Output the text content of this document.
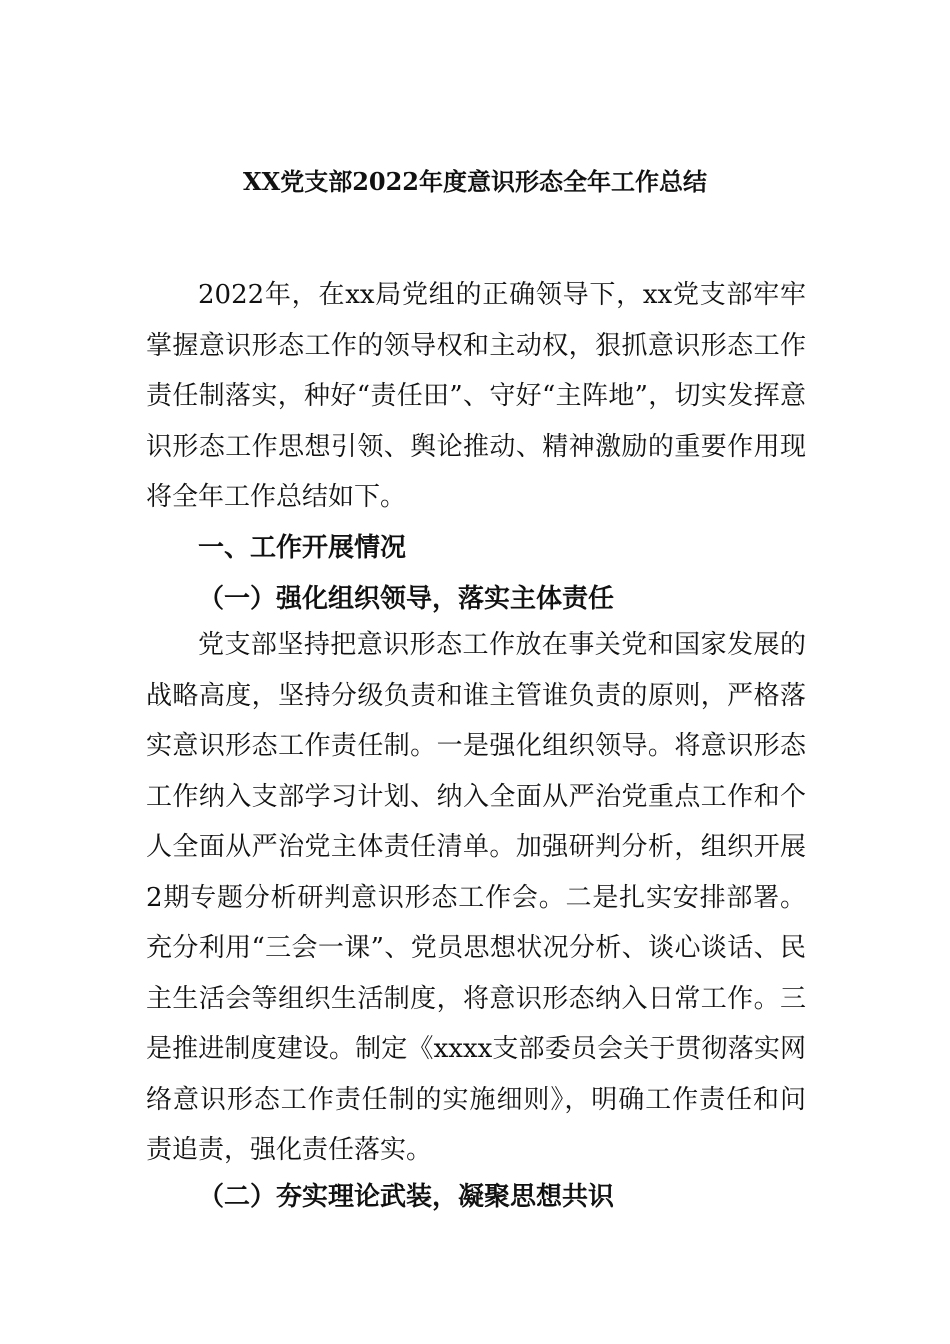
XX党支部2022年度意识形态全年工作总结

2022年，在xx局党组的正确领导下，xx党支部牢牢掌握意识形态工作的领导权和主动权，狠抓意识形态工作责任制落实，种好“责任田”、守好“主阵地”，切实发挥意识形态工作思想引领、舆论推动、精神激励的重要作用现将全年工作总结如下。

一、工作开展情况
（一）强化组织领导，落实主体责任

党支部坚持把意识形态工作放在事关党和国家发展的战略高度，坚持分级负责和谁主管谁负责的原则，严格落实意识形态工作责任制。一是强化组织领导。将意识形态工作纳入支部学习计划、纳入全面从严治党重点工作和个人全面从严治党主体责任清单。加强研判分析，组织开展2期专题分析研判意识形态工作会。二是扎实安排部署。充分利用“三会一课”、党员思想状况分析、谈心谈话、民主生活会等组织生活制度，将意识形态纳入日常工作。三是推进制度建设。制定《xxxx支部委员会关于贯彻落实网络意识形态工作责任制的实施细则》，明确工作责任和问责追责，强化责任落实。

（二）夯实理论武装，凝聚思想共识
